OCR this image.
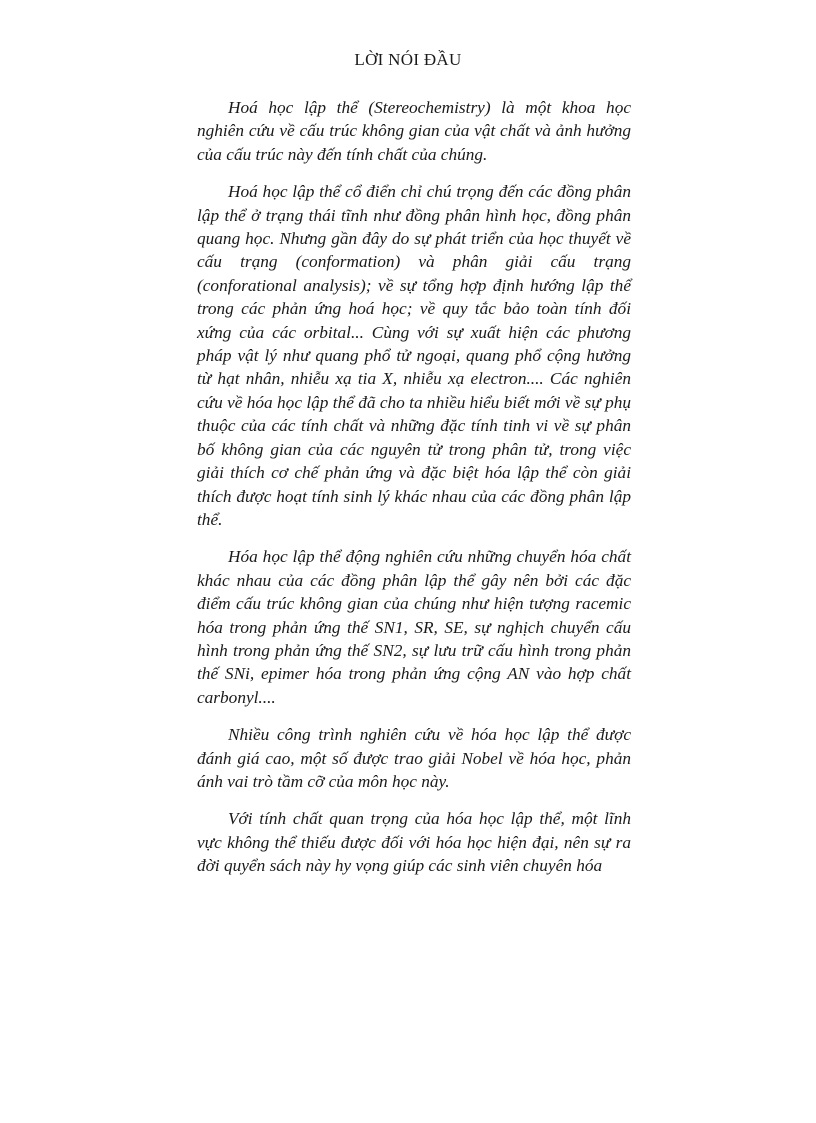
LỜI NÓI ĐẦU

Hoá học lập thể (Stereochemistry) là một khoa học nghiên cứu về cấu trúc không gian của vật chất và ảnh hưởng của cấu trúc này đến tính chất của chúng.

Hoá học lập thể cổ điển chỉ chú trọng đến các đồng phân lập thể ở trạng thái tĩnh như đồng phân hình học, đồng phân quang học. Nhưng gần đây do sự phát triển của học thuyết về cấu trạng (conformation) và phân giải cấu trạng (conforational analysis); về sự tổng hợp định hướng lập thể trong các phản ứng hoá học; về quy tắc bảo toàn tính đối xứng của các orbital... Cùng với sự xuất hiện các phương pháp vật lý như quang phổ tử ngoại, quang phổ cộng hưởng từ hạt nhân, nhiễu xạ tia X, nhiễu xạ electron.... Các nghiên cứu về hóa học lập thể đã cho ta nhiều hiểu biết mới về sự phụ thuộc của các tính chất và những đặc tính tinh vi về sự phân bố không gian của các nguyên tử trong phân tử, trong việc giải thích cơ chế phản ứng và đặc biệt hóa lập thể còn giải thích được hoạt tính sinh lý khác nhau của các đồng phân lập thể.

Hóa học lập thể động nghiên cứu những chuyển hóa chất khác nhau của các đồng phân lập thể gây nên bởi các đặc điểm cấu trúc không gian của chúng như hiện tượng racemic hóa trong phản ứng thế SN1, SR, SE, sự nghịch chuyển cấu hình trong phản ứng thế SN2, sự lưu trữ cấu hình trong phản thế SNi, epimer hóa trong phản ứng cộng AN vào hợp chất carbonyl....

Nhiều công trình nghiên cứu về hóa học lập thể được đánh giá cao, một số được trao giải Nobel về hóa học, phản ánh vai trò tầm cỡ của môn học này.

Với tính chất quan trọng của hóa học lập thể, một lĩnh vực không thể thiếu được đối với hóa học hiện đại, nên sự ra đời quyển sách này hy vọng giúp các sinh viên chuyên hóa
